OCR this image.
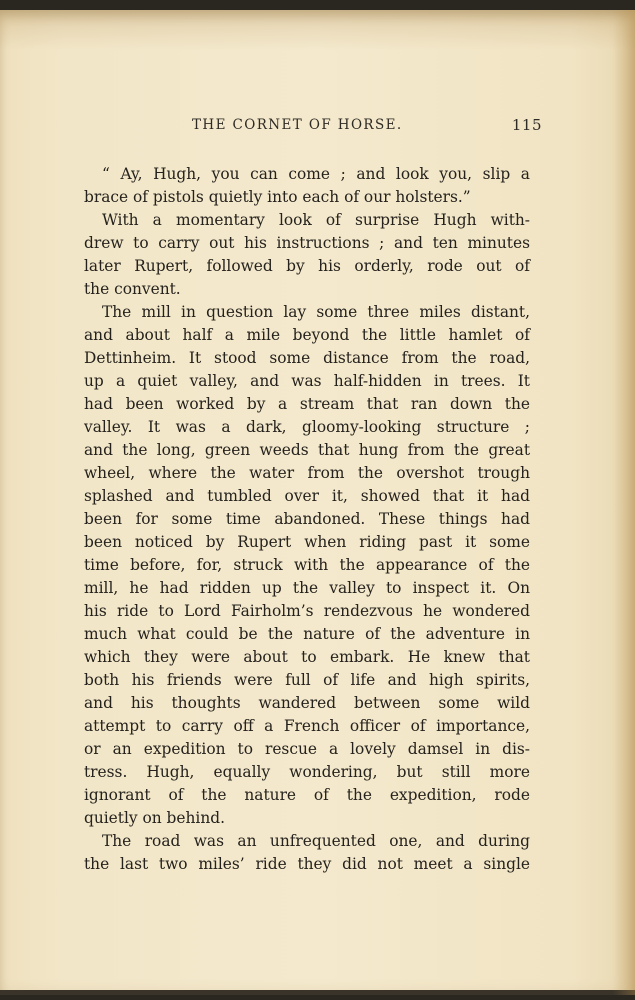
THE CORNET OF HORSE.	115
“ Ay, Hugh, you can come ; and look you, slip a
brace of pistols quietly into each of our holsters.”
With a momentary look of surprise Hugh with-
drew to carry out his instructions ; and ten minutes
later Rupert, followed by his orderly, rode out of
the convent.
The mill in question lay some three miles distant,
and about half a mile beyond the little hamlet of
Dettinheim. It stood some distance from the road,
up a quiet valley, and was half-hidden in trees. It
had been worked by a stream that ran down the
valley. It was a dark, gloomy-looking structure ;
and the long, green weeds that hung from the great
wheel, where the water from the overshot trough
splashed and tumbled over it, showed that it had
been for some time abandoned. These things had
been noticed by Rupert when riding past it some
time before, for, struck with the appearance of the
mill, he had ridden up the valley to inspect it. On
his ride to Lord Fairholm’s rendezvous he wondered
much what could be the nature of the adventure in
which they were about to embark. He knew that
both his friends were full of life and high spirits,
and his thoughts wandered between some wild
attempt to carry off a French officer of importance,
or an expedition to rescue a lovely damsel in dis-
tress. Hugh, equally wondering, but still more
ignorant of the nature of the expedition, rode
quietly on behind.
The road was an unfrequented one, and during
the last two miles’ ride they did not meet a single
